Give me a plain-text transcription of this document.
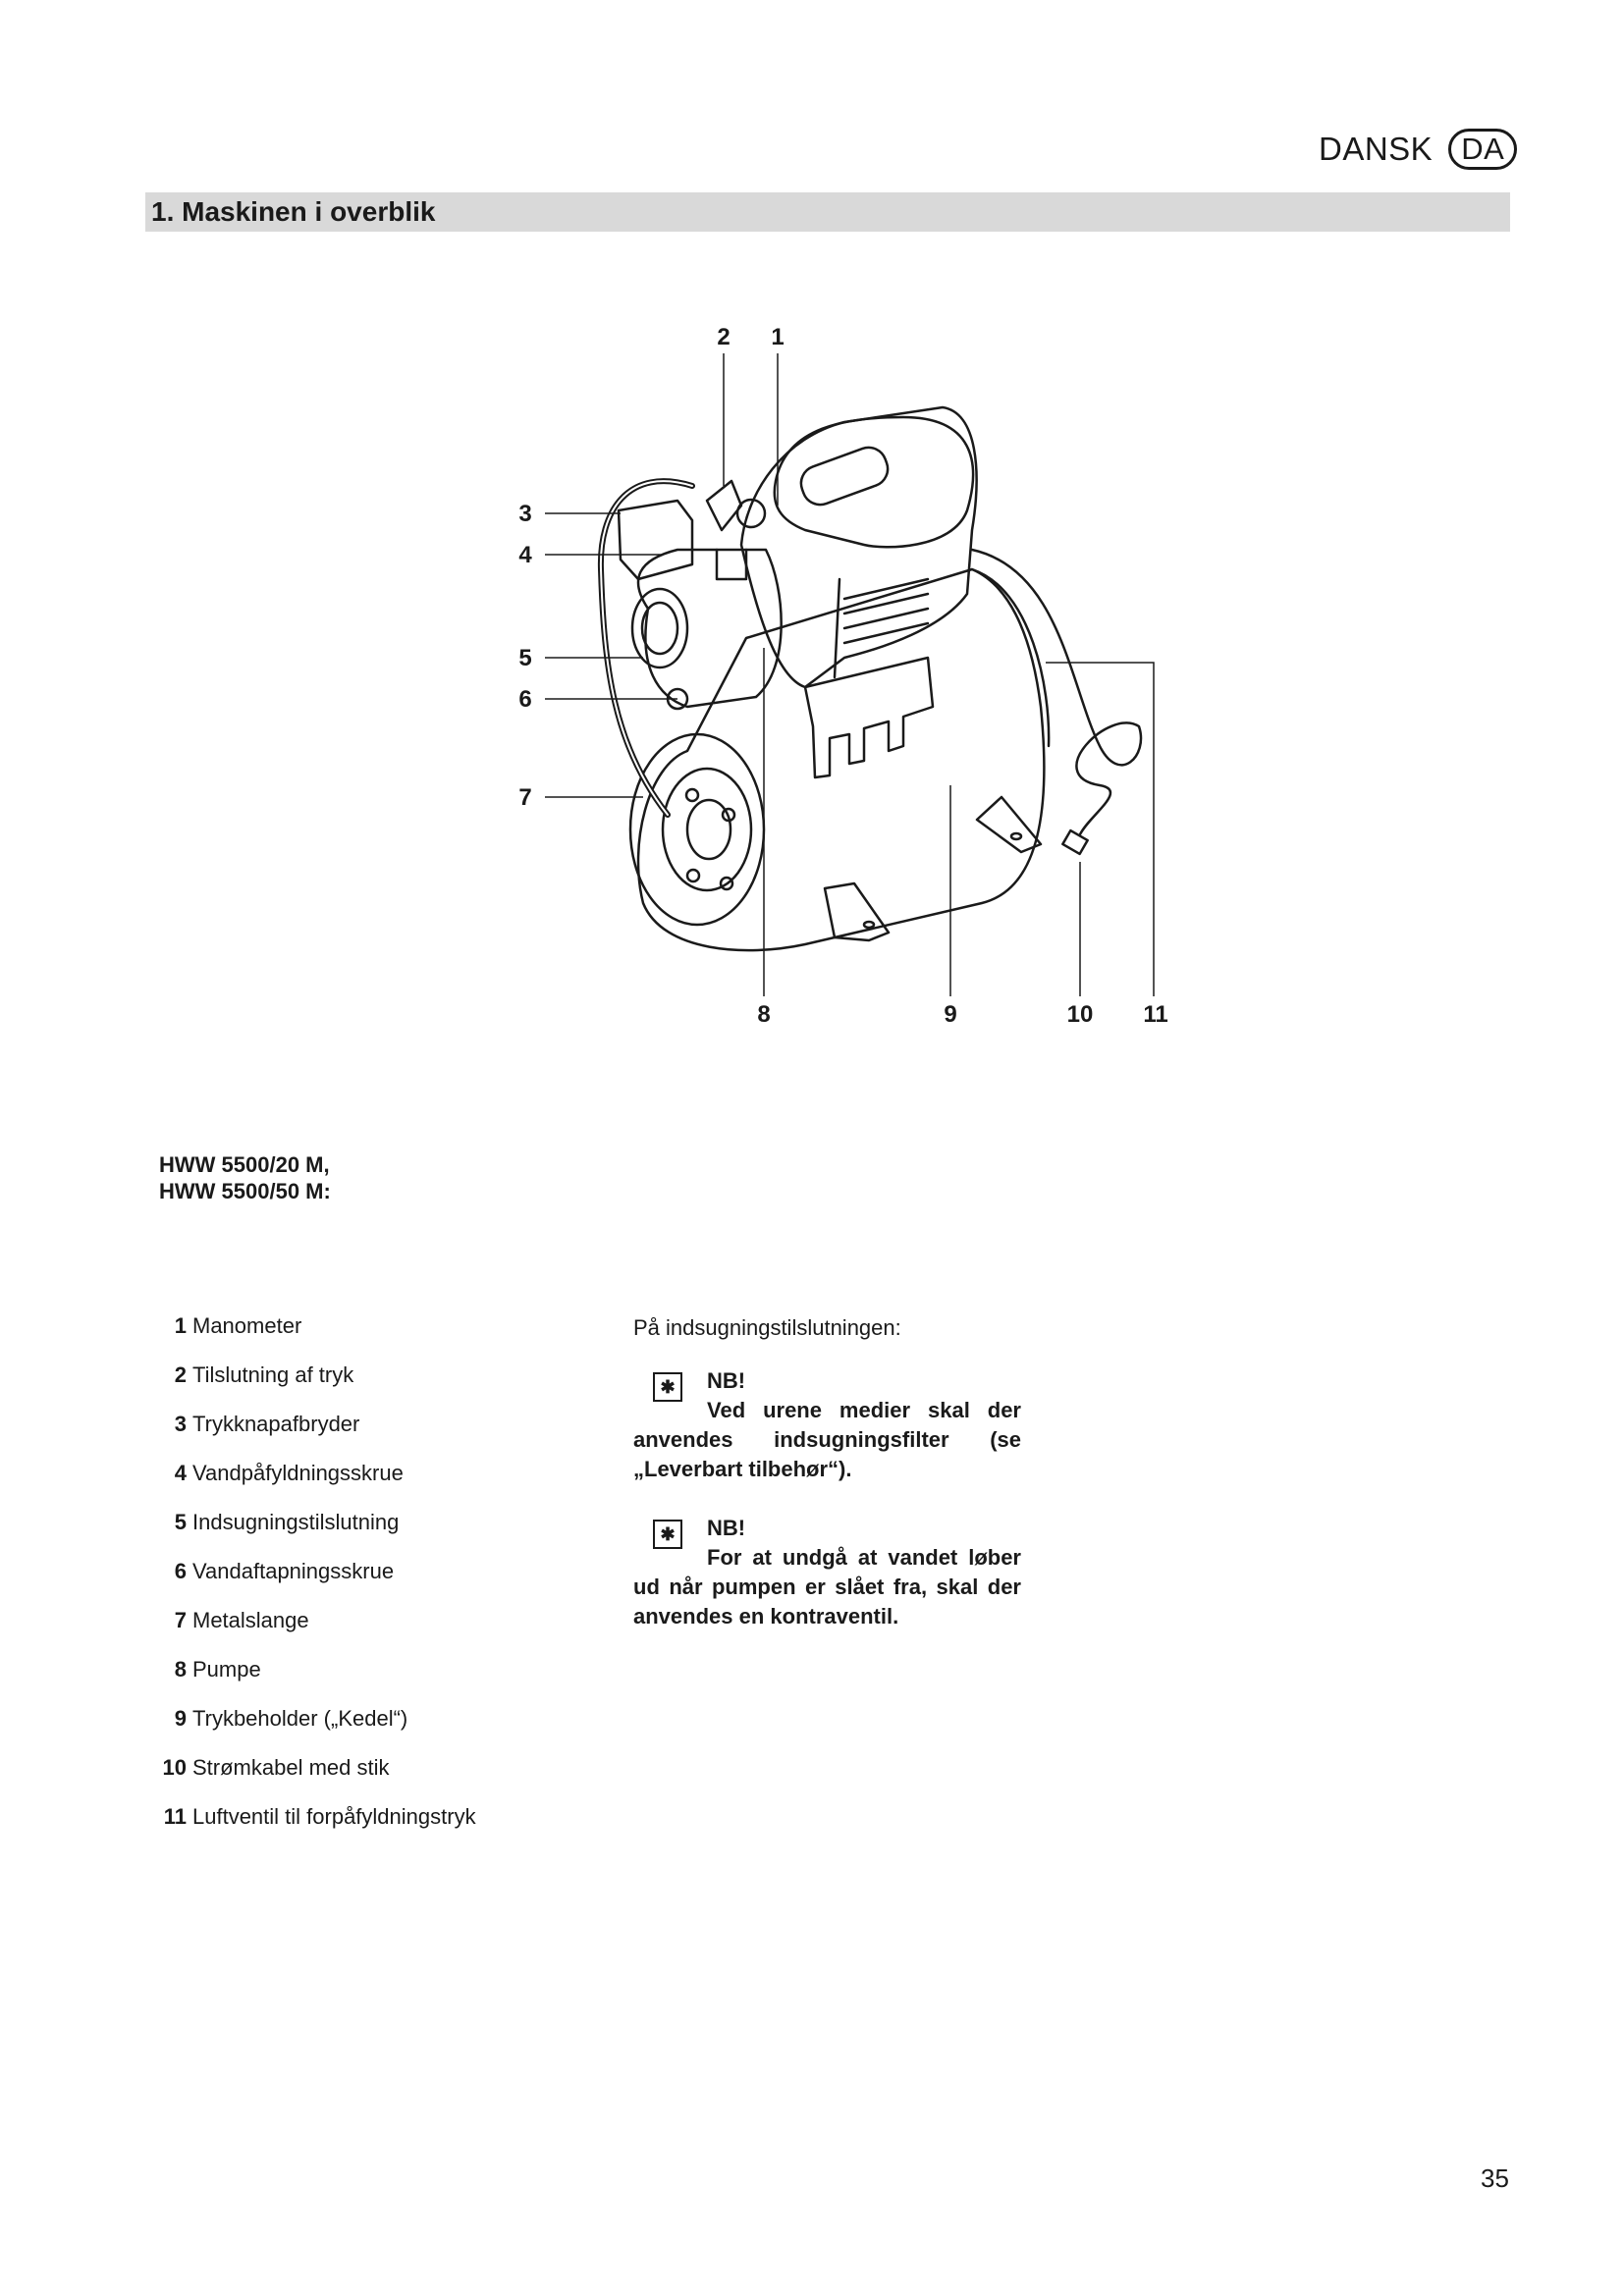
DANSK DA
1. Maskinen i overblik
2 1
3
4
5
6
7
8	9	10 11
HWW 5500/20 M,
HWW 5500/50 M:
1 Manometer
2 Tilslutning af tryk
3 Trykknapafbryder
4 Vandpåfyldningsskrue
5 Indsugningstilslutning
6 Vandaftapningsskrue
7 Metalslange
8 Pumpe
9 Trykbeholder („Kedel“)
10 Strømkabel med stik
11 Luftventil til forpåfyldningstryk
På indsugningstilslutningen:
✱	NB!
Ved urene medier skal der anvendes indsugningsfilter (se „Leverbart tilbehør“).
✱	NB!
For at undgå at vandet løber ud når pumpen er slået fra, skal der anvendes en kontraventil.
35
